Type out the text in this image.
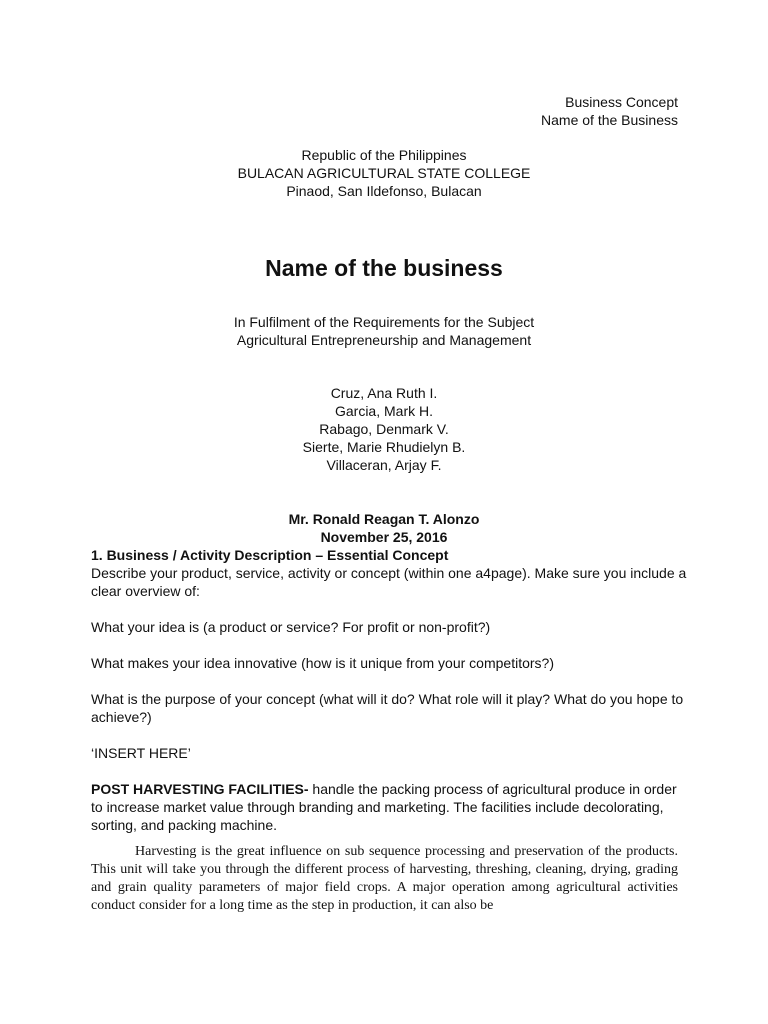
Business Concept
Name of the Business
Republic of the Philippines
BULACAN AGRICULTURAL STATE COLLEGE
Pinaod, San Ildefonso, Bulacan
Name of the business
In Fulfilment of the Requirements for the Subject
Agricultural Entrepreneurship and Management
Cruz, Ana Ruth I.
Garcia, Mark H.
Rabago, Denmark V.
Sierte, Marie Rhudielyn B.
Villaceran, Arjay F.
Mr. Ronald Reagan T. Alonzo
November 25, 2016

1. Business / Activity Description – Essential Concept

Describe your product, service, activity or concept (within one a4page). Make sure you include a clear overview of:

What your idea is (a product or service? For profit or non-profit?)

What makes your idea innovative (how is it unique from your competitors?)

What is the purpose of your concept (what will it do? What role will it play? What do you hope to achieve?)

‘INSERT HERE’

POST HARVESTING FACILITIES- handle the packing process of agricultural produce in order to increase market value through branding and marketing. The facilities include decolorating, sorting, and packing machine.

Harvesting is the great influence on sub sequence processing and preservation of the products. This unit will take you through the different process of harvesting, threshing, cleaning, drying, grading and grain quality parameters of major field crops. A major operation among agricultural activities conduct consider for a long time as the step in production, it can also be
